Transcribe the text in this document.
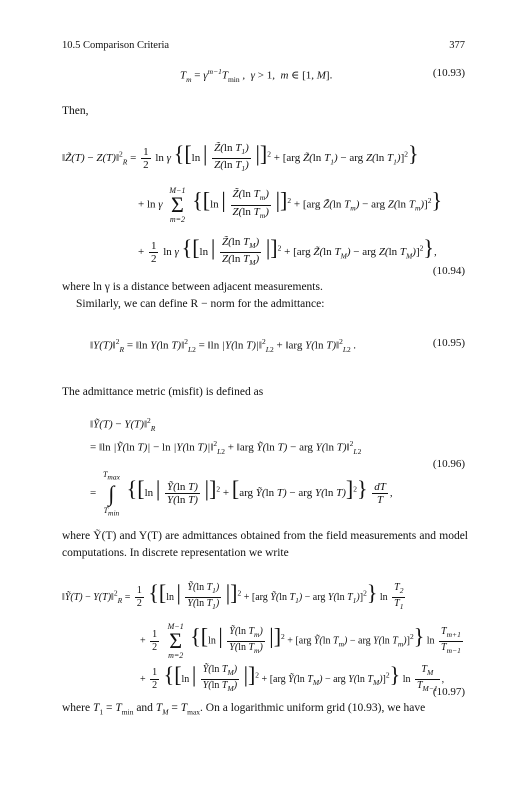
10.5 Comparison Criteria	377
$T_m = \gamma^{m-1}T_{min}$ ,  γ > 1,  m ∈ [1, M].	(10.93)
Then,
‖Z̃(T) − Z(T)‖$^2_R$ = $\frac{1}{2}$ ln γ {[ln | $\frac{Z̃(\ln T_1)}{Z(\ln T_1)} |]^2 + [arg$ Z̃(ln $T_1$) − arg Z(ln $T_1)]^2$}
+ ln γ
M−1
Σ
m=2
{[ln | $\frac{Z̃(\ln T_m)}{Z(\ln T_m)} |]^2 + [arg$ Z̃(ln $T_m$) − arg Z(ln $T_m)]^2$}
+ $\frac{1}{2}$ ln γ {[ln | $\frac{Z̃(\ln T_M)}{Z(\ln T_M)} |]^2 + [arg$ Z̃(ln $T_M$) − arg Z(ln $T_M)]^2$},
(10.94)
where ln γ is a distance between adjacent measurements.
Similarly, we can define R − norm for the admittance:
‖Y(T)‖$^2_R$ = ‖ln Y(ln T)‖$^2_{L2}$ = ‖ln |Y(ln T)|‖$^2_{L2}$ + ‖arg Y(ln T)‖$^2_{L2}$ .	(10.95)
The admittance metric (misfit) is defined as
‖Ỹ(T) − Y(T)‖$^2_R$
= ‖ln |Ỹ(ln T)| − ln |Y(ln T)|‖$^2_{L2}$ + ‖arg Ỹ(ln T) − arg Y(ln T)‖$^2_{L2}$
=
$T_{max}$
∫
$T_{min}$
{[ln | $\frac{\text{Ỹ(ln T)}}{\text{Y(ln T)}} |]^2 + [arg$ Ỹ(ln T) − arg Y(ln $T)]^2\} \frac{dT}{T}$ ,
(10.96)
where Ỹ(T) and Y(T) are admittances obtained from the field measurements and model computations. In discrete representation we write
‖Ỹ(T) − Y(T)‖$^2_R$ = $\frac{1}{2} \{[\ln$ | $\frac{Ỹ(\ln T_1)}{Y(\ln T_1)} |]^2 + [arg$ Ỹ(ln $T_1$) − arg Y(ln $T_1)]^2$} $\ln \frac{T_2}{T_1}$
+ $\frac{1}{2}$

M−1
Σ
m=2
{[ln | $\frac{Ỹ(\ln T_m)}{Y(\ln T_m)} |]^2 + [arg$ Ỹ(ln $T_m$) − arg Y(ln $T_m)]^2$} $\ln \frac{T_{m+1}}{T_{m-1}}$
+ $\frac{1}{2} \{[\ln$ | $\frac{Ỹ(\ln T_M)}{Y(\ln T_M)} |]^2 + [arg$ Ỹ(ln $T_M$) − arg Y(ln $T_M)]^2$} $\ln \frac{T_M}{T_{M-1}}$ ,
(10.97)
where $T_1 = T_{min}$ and $T_M = T_{max}$. On a logarithmic uniform grid (10.93), we have
